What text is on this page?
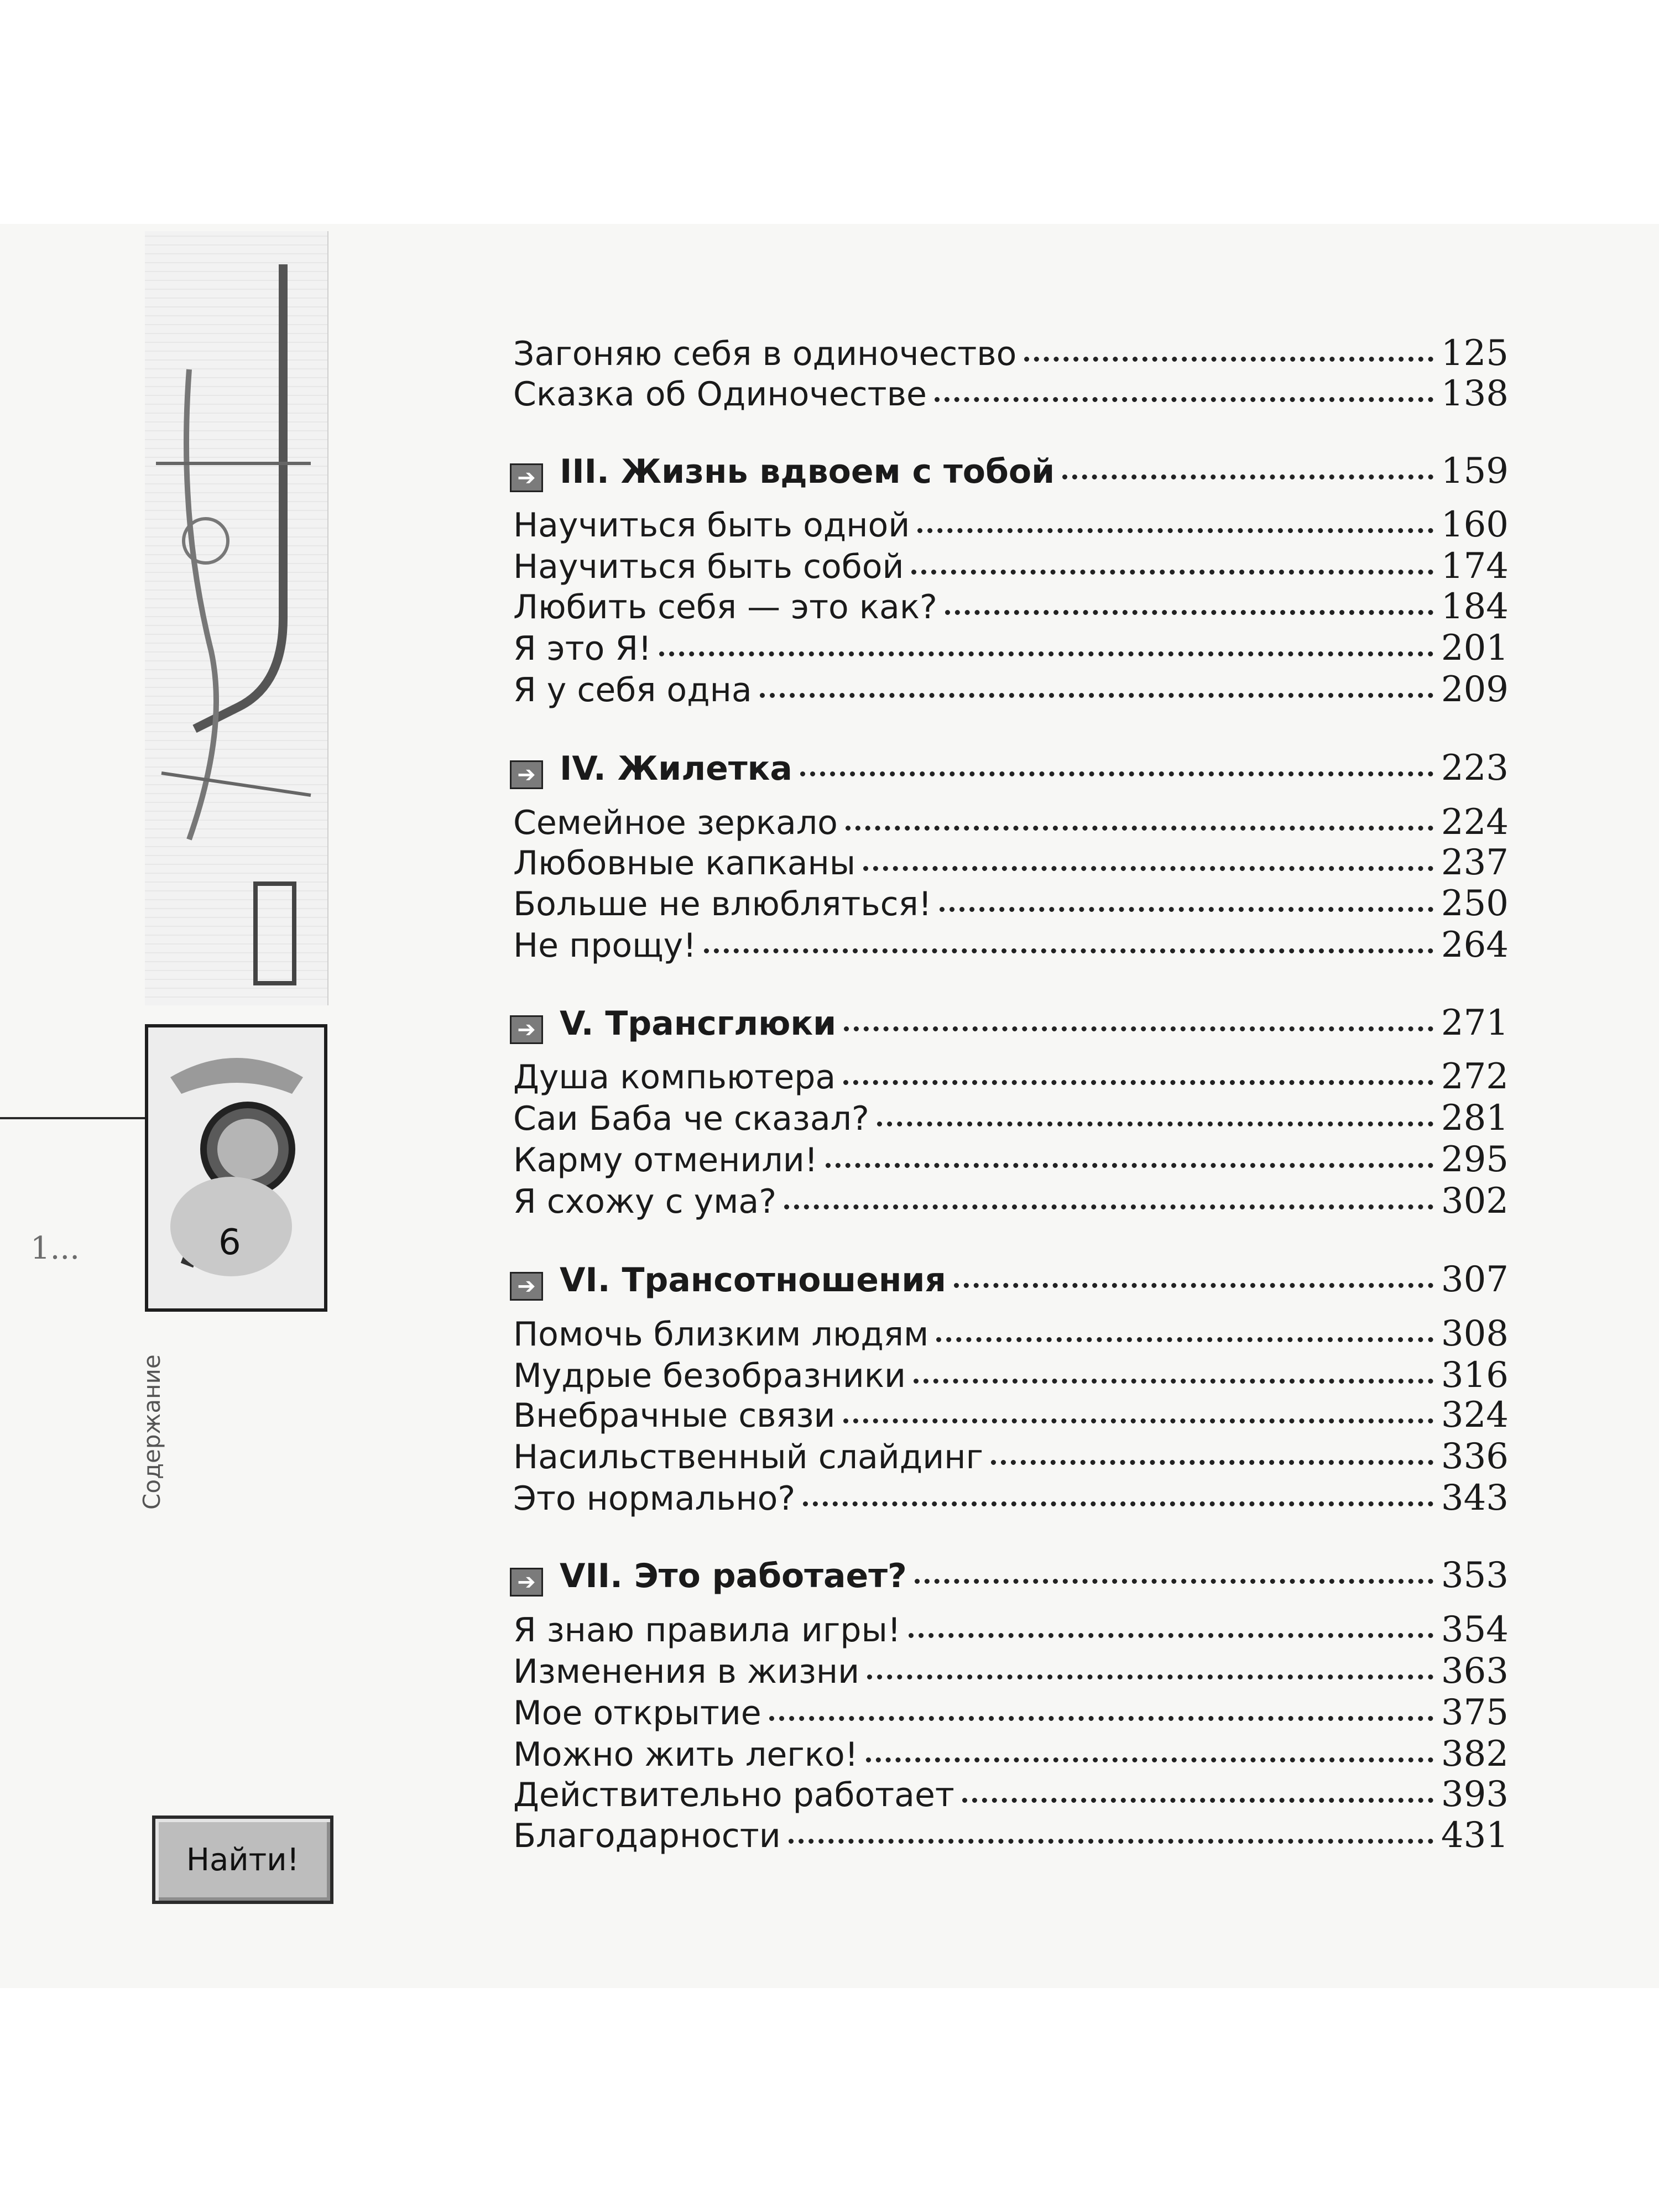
1...	6
Содержание
Найти!
Загоняю себя в одиночество	125
Сказка об Одиночестве	138
➔ III. Жизнь вдвоем с тобой	159
Научиться быть одной	160
Научиться быть собой	174
Любить себя — это как?	184
Я это Я!	201
Я у себя одна	209
➔ IV. Жилетка	223
Семейное зеркало	224
Любовные капканы	237
Больше не влюбляться!	250
Не прощу!	264
➔ V. Трансглюки	271
Душа компьютера	272
Саи Баба че сказал?	281
Карму отменили!	295
Я схожу с ума?	302
➔ VI. Трансотношения	307
Помочь близким людям	308
Мудрые безобразники	316
Внебрачные связи	324
Насильственный слайдинг	336
Это нормально?	343
➔ VII. Это работает?	353
Я знаю правила игры!	354
Изменения в жизни	363
Мое открытие	375
Можно жить легко!	382
Действительно работает	393
Благодарности	431
